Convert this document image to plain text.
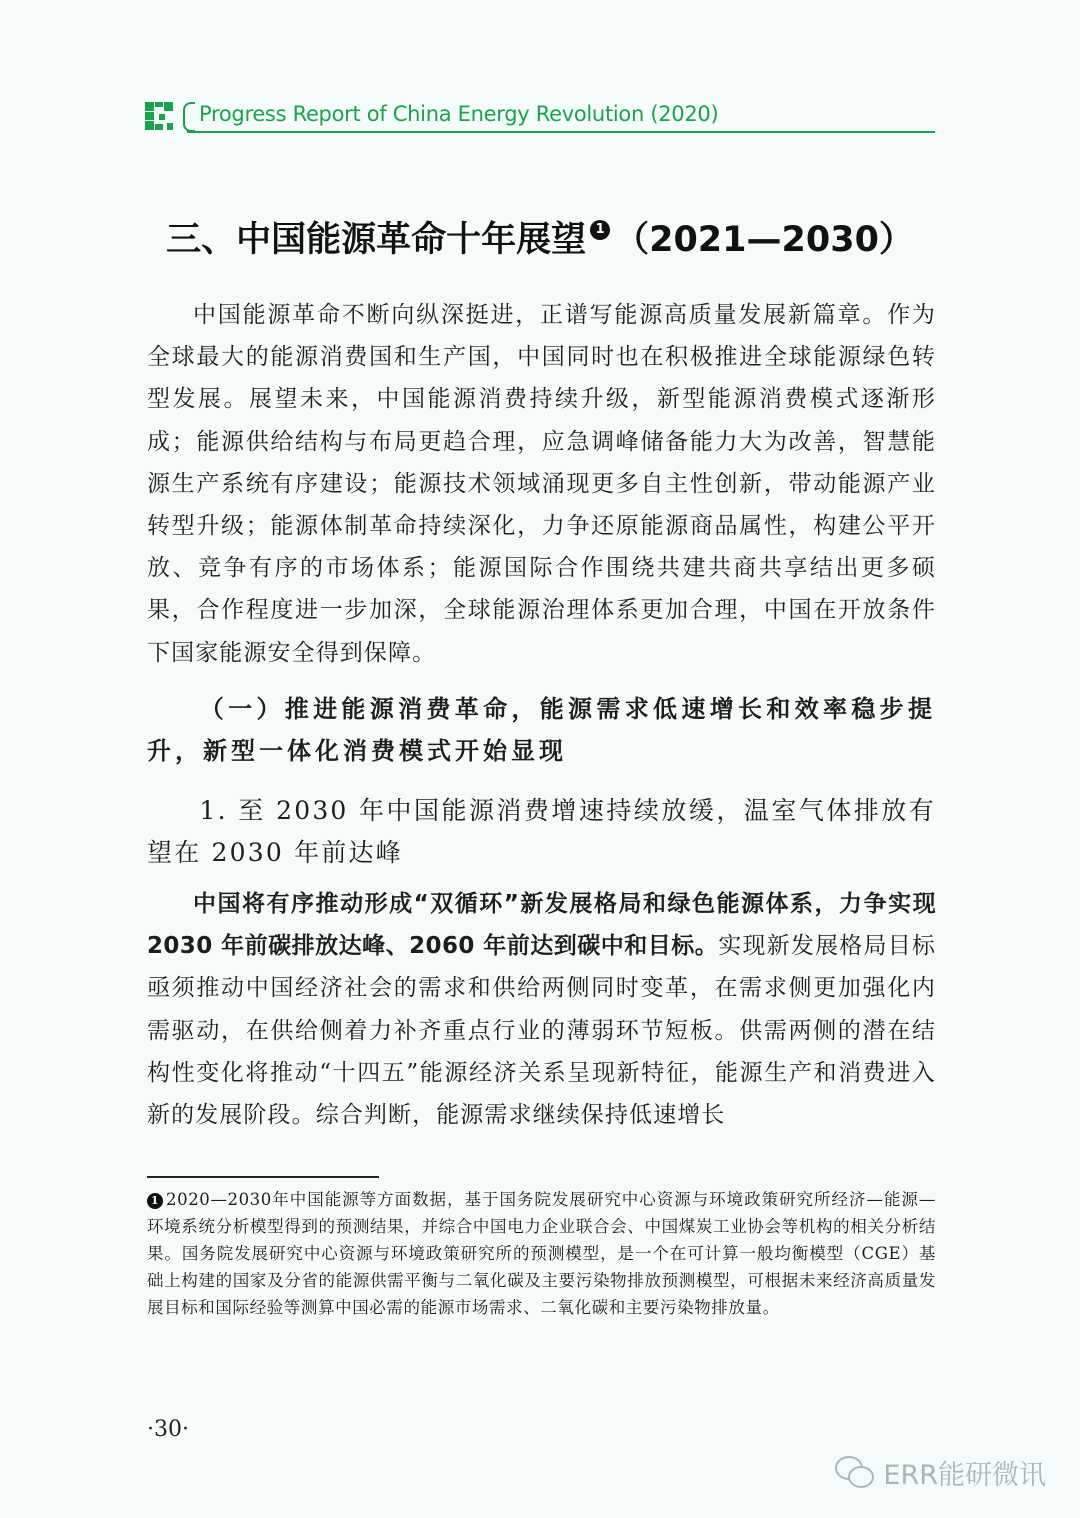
Progress Report of China Energy Revolution (2020)
三、中国能源革命十年展望 1 （2021—2030）
中国能源革命不断向纵深挺进，正谱写能源高质量发展新篇章。作为全球最大的能源消费国和生产国，中国同时也在积极推进全球能源绿色转型发展。展望未来，中国能源消费持续升级，新型能源消费模式逐渐形成；能源供给结构与布局更趋合理，应急调峰储备能力大为改善，智慧能源生产系统有序建设；能源技术领域涌现更多自主性创新，带动能源产业转型升级；能源体制革命持续深化，力争还原能源商品属性，构建公平开放、竞争有序的市场体系；能源国际合作围绕共建共商共享结出更多硕果，合作程度进一步加深，全球能源治理体系更加合理，中国在开放条件下国家能源安全得到保障。
（一）推进能源消费革命，能源需求低速增长和效率稳步提升，新型一体化消费模式开始显现
1. 至 2030 年中国能源消费增速持续放缓，温室气体排放有望在 2030 年前达峰
中国将有序推动形成“双循环”新发展格局和绿色能源体系，力争实现 2030 年前碳排放达峰、2060 年前达到碳中和目标。实现新发展格局目标亟须推动中国经济社会的需求和供给两侧同时变革，在需求侧更加强化内需驱动，在供给侧着力补齐重点行业的薄弱环节短板。供需两侧的潜在结构性变化将推动“十四五”能源经济关系呈现新特征，能源生产和消费进入新的发展阶段。综合判断，能源需求继续保持低速增长
1 2020—2030年中国能源等方面数据，基于国务院发展研究中心资源与环境政策研究所经济—能源—环境系统分析模型得到的预测结果，并综合中国电力企业联合会、中国煤炭工业协会等机构的相关分析结果。国务院发展研究中心资源与环境政策研究所的预测模型，是一个在可计算一般均衡模型（CGE）基础上构建的国家及分省的能源供需平衡与二氧化碳及主要污染物排放预测模型，可根据未来经济高质量发展目标和国际经验等测算中国必需的能源市场需求、二氧化碳和主要污染物排放量。
·30·
ERR能研微讯
